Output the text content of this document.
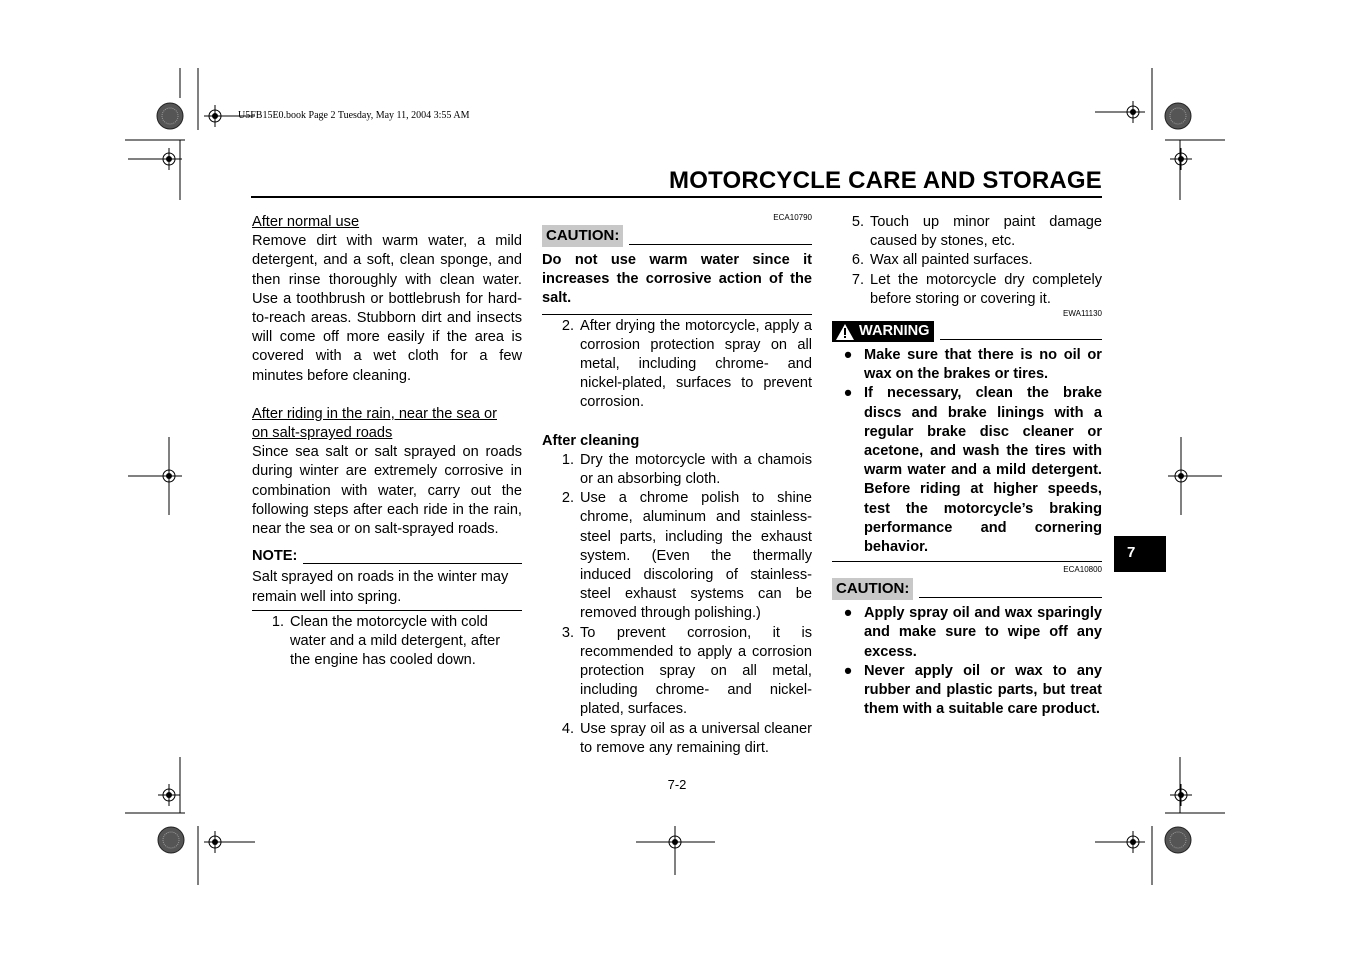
U5FB15E0.book Page 2 Tuesday, May 11, 2004 3:55 AM
MOTORCYCLE CARE AND STORAGE
After normal use
Remove dirt with warm water, a mild detergent, and a soft, clean sponge, and then rinse thoroughly with clean water. Use a toothbrush or bottlebrush for hard-to-reach areas. Stubborn dirt and insects will come off more easily if the area is covered with a wet cloth for a few minutes before cleaning.
After riding in the rain, near the sea or
on salt-sprayed roads
Since sea salt or salt sprayed on roads during winter are extremely corrosive in combination with water, carry out the following steps after each ride in the rain, near the sea or on salt-sprayed roads.
NOTE:
Salt sprayed on roads in the winter may remain well into spring.
1. Clean the motorcycle with cold water and a mild detergent, after the engine has cooled down.
ECA10790
CAUTION:
Do not use warm water since it increases the corrosive action of the salt.
2. After drying the motorcycle, apply a corrosion protection spray on all metal, including chrome- and nickel-plated, surfaces to prevent corrosion.
After cleaning
1. Dry the motorcycle with a chamois or an absorbing cloth.
2. Use a chrome polish to shine chrome, aluminum and stainless-steel parts, including the exhaust system. (Even the thermally induced discoloring of stainless-steel exhaust systems can be removed through polishing.)
3. To prevent corrosion, it is recommended to apply a corrosion protection spray on all metal, including chrome- and nickel-plated, surfaces.
4. Use spray oil as a universal cleaner to remove any remaining dirt.
5. Touch up minor paint damage caused by stones, etc.
6. Wax all painted surfaces.
7. Let the motorcycle dry completely before storing or covering it.
EWA11130
WARNING
● Make sure that there is no oil or wax on the brakes or tires.
● If necessary, clean the brake discs and brake linings with a regular brake disc cleaner or acetone, and wash the tires with warm water and a mild detergent. Before riding at higher speeds, test the motorcycle’s braking performance and cornering behavior.
ECA10800
CAUTION:
● Apply spray oil and wax sparingly and make sure to wipe off any excess.
● Never apply oil or wax to any rubber and plastic parts, but treat them with a suitable care product.
7
7-2
